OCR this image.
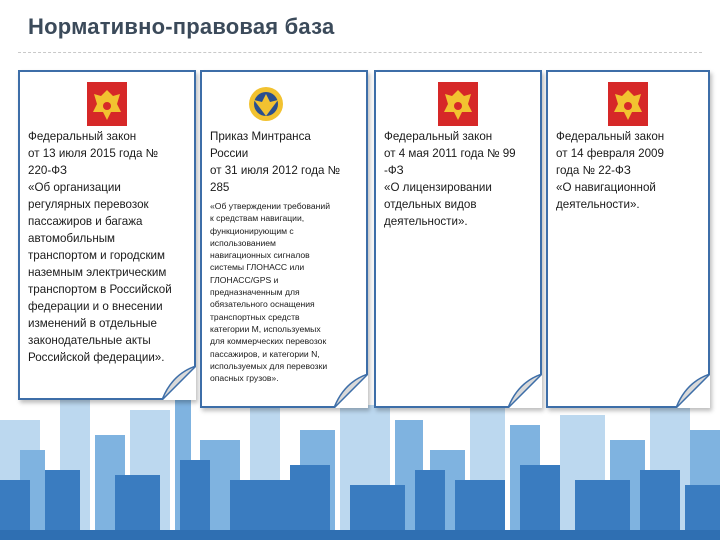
Нормативно-правовая база
Федеральный закон
от 13 июля 2015 года №
220-ФЗ
«Об организации
регулярных перевозок
пассажиров и багажа
автомобильным
транспортом и городским
наземным электрическим
транспортом в Российской
федерации и о внесении
изменений в отдельные
законодательные акты
Российской федерации».
Приказ Минтранса
России
от 31 июля 2012 года №
285
«Об утверждении требований
к средствам навигации,
функционирующим с
использованием
навигационных сигналов
системы ГЛОНАСС или
ГЛОНАСС/GPS и
предназначенным для
обязательного оснащения
транспортных средств
категории М, используемых
для коммерческих перевозок
пассажиров, и категории N,
используемых для перевозки
опасных грузов».
Федеральный закон
от 4 мая 2011 года № 99
-ФЗ
«О лицензировании
отдельных видов
деятельности».
Федеральный закон
от 14 февраля 2009
года № 22-ФЗ
«О навигационной
деятельности».
